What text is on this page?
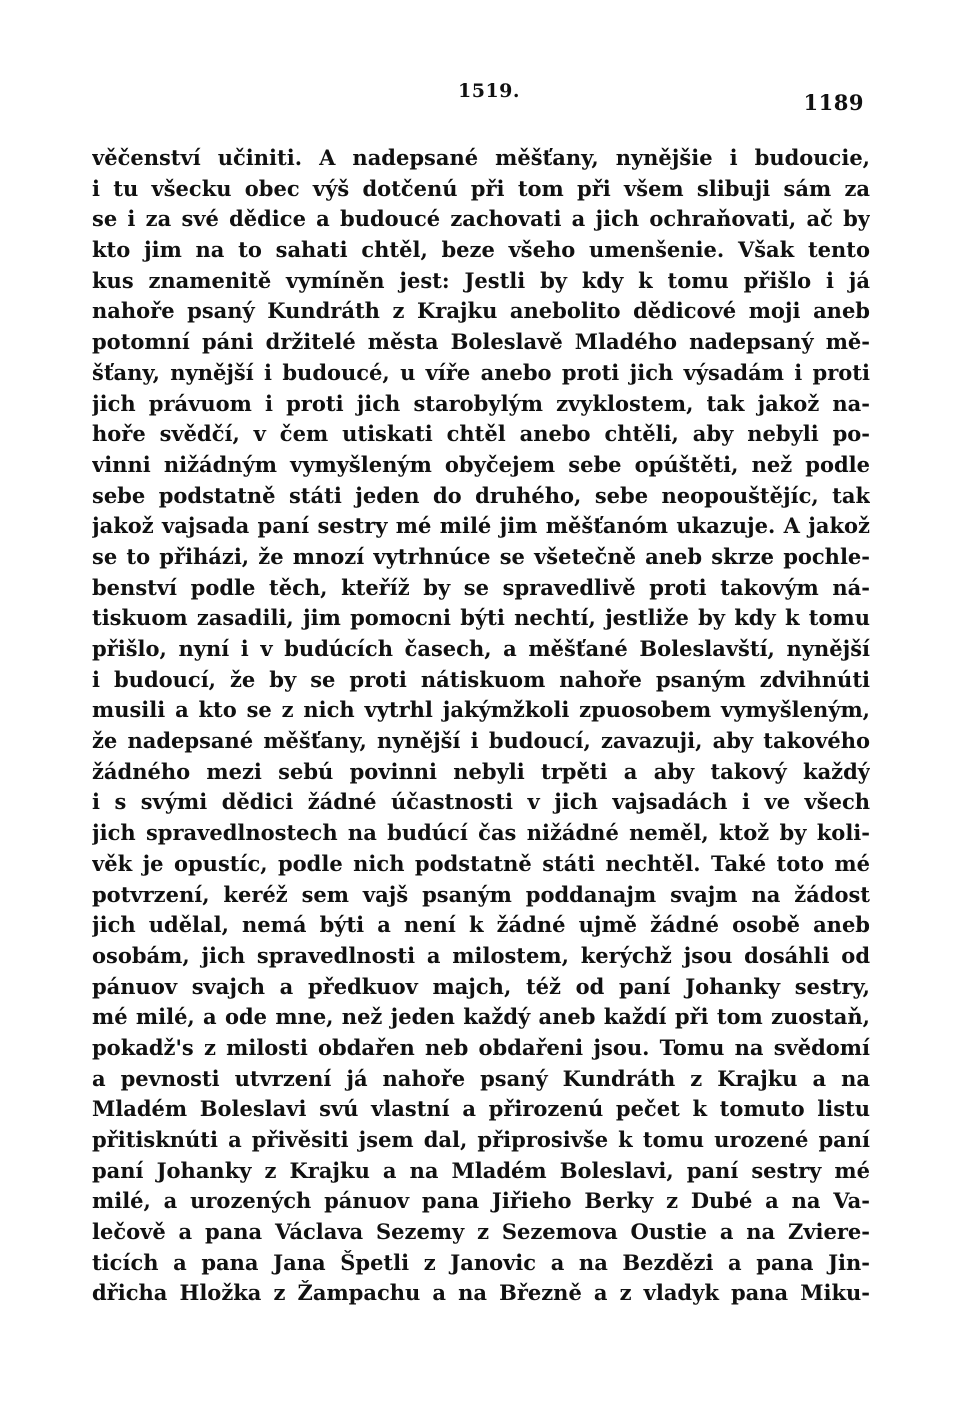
1519.	1189
věčenství učiniti. A nadepsané měšťany, nynějšie i budoucie,
i tu všecku obec výš dotčenú při tom při všem slibuji sám za
se i za své dědice a budoucé zachovati a jich ochraňovati, ač by
kto jim na to sahati chtěl, beze všeho umenšenie. Však tento
kus znamenitě vymíněn jest: Jestli by kdy k tomu přišlo i já
nahoře psaný Kundráth z Krajku anebolito dědicové moji aneb
potomní páni držitelé města Boleslavě Mladého nadepsaný mě-
šťany, nynější i budoucé, u víře anebo proti jich výsadám i proti
jich právuom i proti jich starobylým zvyklostem, tak jakož na-
hoře svědčí, v čem utiskati chtěl anebo chtěli, aby nebyli po-
vinni nižádným vymyšleným obyčejem sebe opúštěti, než podle
sebe podstatně státi jeden do druhého, sebe neopouštějíc, tak
jakož vajsada paní sestry mé milé jim měšťanóm ukazuje. A jakož
se to přiházi, že mnozí vytrhnúce se všetečně aneb skrze pochle-
benství podle těch, kteříž by se spravedlivě proti takovým ná-
tiskuom zasadili, jim pomocni býti nechtí, jestliže by kdy k tomu
přišlo, nyní i v budúcích časech, a měšťané Boleslavští, nynější
i budoucí, že by se proti nátiskuom nahoře psaným zdvihnúti
musili a kto se z nich vytrhl jakýmžkoli zpuosobem vymyšleným,
že nadepsané měšťany, nynější i budoucí, zavazuji, aby takového
žádného mezi sebú povinni nebyli trpěti a aby takový každý
i s svými dědici žádné účastnosti v jich vajsadách i ve všech
jich spravedlnostech na budúcí čas nižádné neměl, ktož by koli-
věk je opustíc, podle nich podstatně státi nechtěl. Také toto mé
potvrzení, keréž sem vajš psaným poddanajm svajm na žádost
jich udělal, nemá býti a není k žádné ujmě žádné osobě aneb
osobám, jich spravedlnosti a milostem, kerýchž jsou dosáhli od
pánuov svajch a předkuov majch, též od paní Johanky sestry,
mé milé, a ode mne, než jeden každý aneb každí při tom zuostaň,
pokadž's z milosti obdařen neb obdařeni jsou. Tomu na svědomí
a pevnosti utvrzení já nahoře psaný Kundráth z Krajku a na
Mladém Boleslavi svú vlastní a přirozenú pečet k tomuto listu
přitisknúti a přivěsiti jsem dal, připrosivše k tomu urozené paní
paní Johanky z Krajku a na Mladém Boleslavi, paní sestry mé
milé, a urozených pánuov pana Jiřieho Berky z Dubé a na Va-
lečově a pana Václava Sezemy z Sezemova Oustie a na Zvierе-
ticích a pana Jana Špetli z Janovic a na Bezdězi a pana Jin-
dřicha Hložka z Žampachu a na Březně a z vladyk pana Miku-
